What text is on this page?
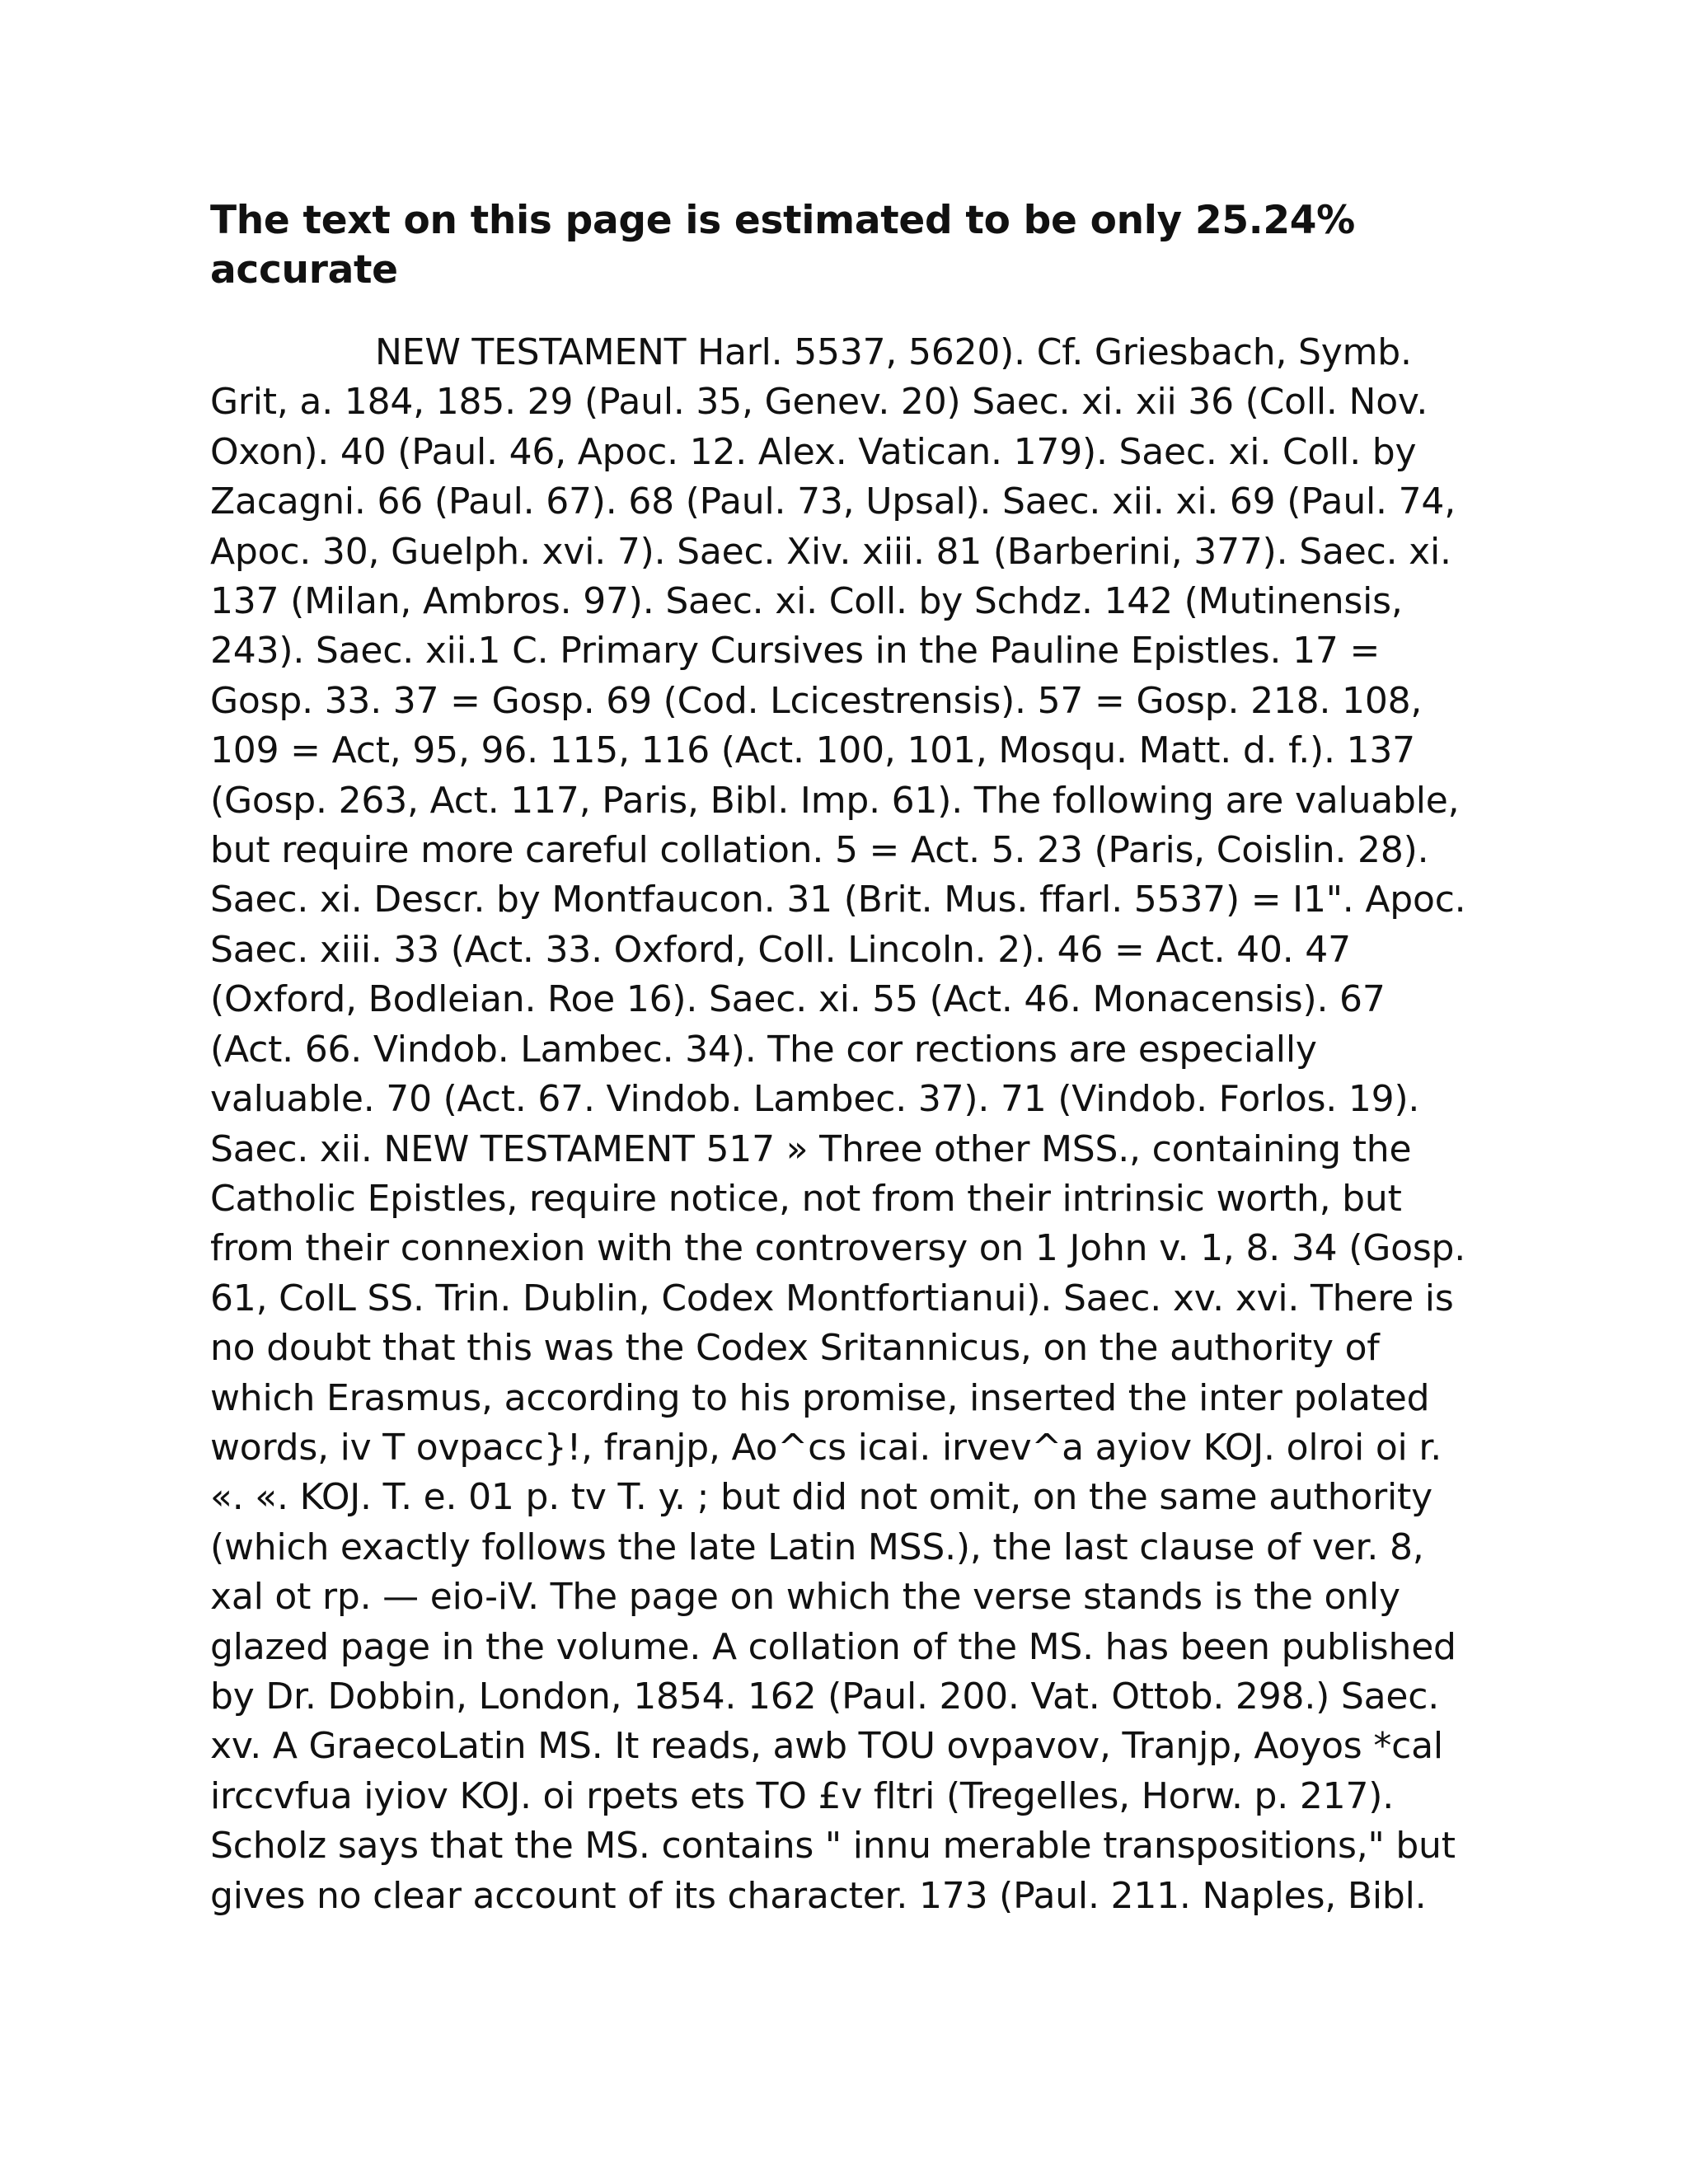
The text on this page is estimated to be only 25.24% accurate

NEW TESTAMENT Harl. 5537, 5620). Cf. Griesbach, Symb. Grit, a. 184, 185. 29 (Paul. 35, Genev. 20) Saec. xi. xii 36 (Coll. Nov. Oxon). 40 (Paul. 46, Apoc. 12. Alex. Vatican. 179). Saec. xi. Coll. by Zacagni. 66 (Paul. 67). 68 (Paul. 73, Upsal). Saec. xii. xi. 69 (Paul. 74, Apoc. 30, Guelph. xvi. 7). Saec. Xiv. xiii. 81 (Barberini, 377). Saec. xi. 137 (Milan, Ambros. 97). Saec. xi. Coll. by Schdz. 142 (Mutinensis, 243). Saec. xii.1 C. Primary Cursives in the Pauline Epistles. 17 = Gosp. 33. 37 = Gosp. 69 (Cod. Lcicestrensis). 57 = Gosp. 218. 108, 109 = Act, 95, 96. 115, 116 (Act. 100, 101, Mosqu. Matt. d. f.). 137 (Gosp. 263, Act. 117, Paris, Bibl. Imp. 61). The following are valuable, but require more careful collation. 5 = Act. 5. 23 (Paris, Coislin. 28). Saec. xi. Descr. by Montfaucon. 31 (Brit. Mus. ffarl. 5537) = I1". Apoc. Saec. xiii. 33 (Act. 33. Oxford, Coll. Lincoln. 2). 46 = Act. 40. 47 (Oxford, Bodleian. Roe 16). Saec. xi. 55 (Act. 46. Monacensis). 67 (Act. 66. Vindob. Lambec. 34). The cor rections are especially valuable. 70 (Act. 67. Vindob. Lambec. 37). 71 (Vindob. Forlos. 19). Saec. xii. NEW TESTAMENT 517 » Three other MSS., containing the Catholic Epistles, require notice, not from their intrinsic worth, but from their connexion with the controversy on 1 John v. 1, 8. 34 (Gosp. 61, ColL SS. Trin. Dublin, Codex Montfortianui). Saec. xv. xvi. There is no doubt that this was the Codex Sritannicus, on the authority of which Erasmus, according to his promise, inserted the inter polated words, iv T ovpacc}!, franjp, Ao^cs icai. irvev^a ayiov KOJ. olroi oi r. «. «. KOJ. T. e. 01 p. tv T. y. ; but did not omit, on the same authority (which exactly follows the late Latin MSS.), the last clause of ver. 8, xal ot rp. — eio-iV. The page on which the verse stands is the only glazed page in the volume. A collation of the MS. has been published by Dr. Dobbin, London, 1854. 162 (Paul. 200. Vat. Ottob. 298.) Saec. xv. A GraecoLatin MS. It reads, awb TOU ovpavov, Tranjp, Aoyos *cal irccvfua iyiov KOJ. oi rpets ets TO £v fltri (Tregelles, Horw. p. 217). Scholz says that the MS. contains " innu merable transpositions," but gives no clear account of its character. 173 (Paul. 211. Naples, Bibl.
